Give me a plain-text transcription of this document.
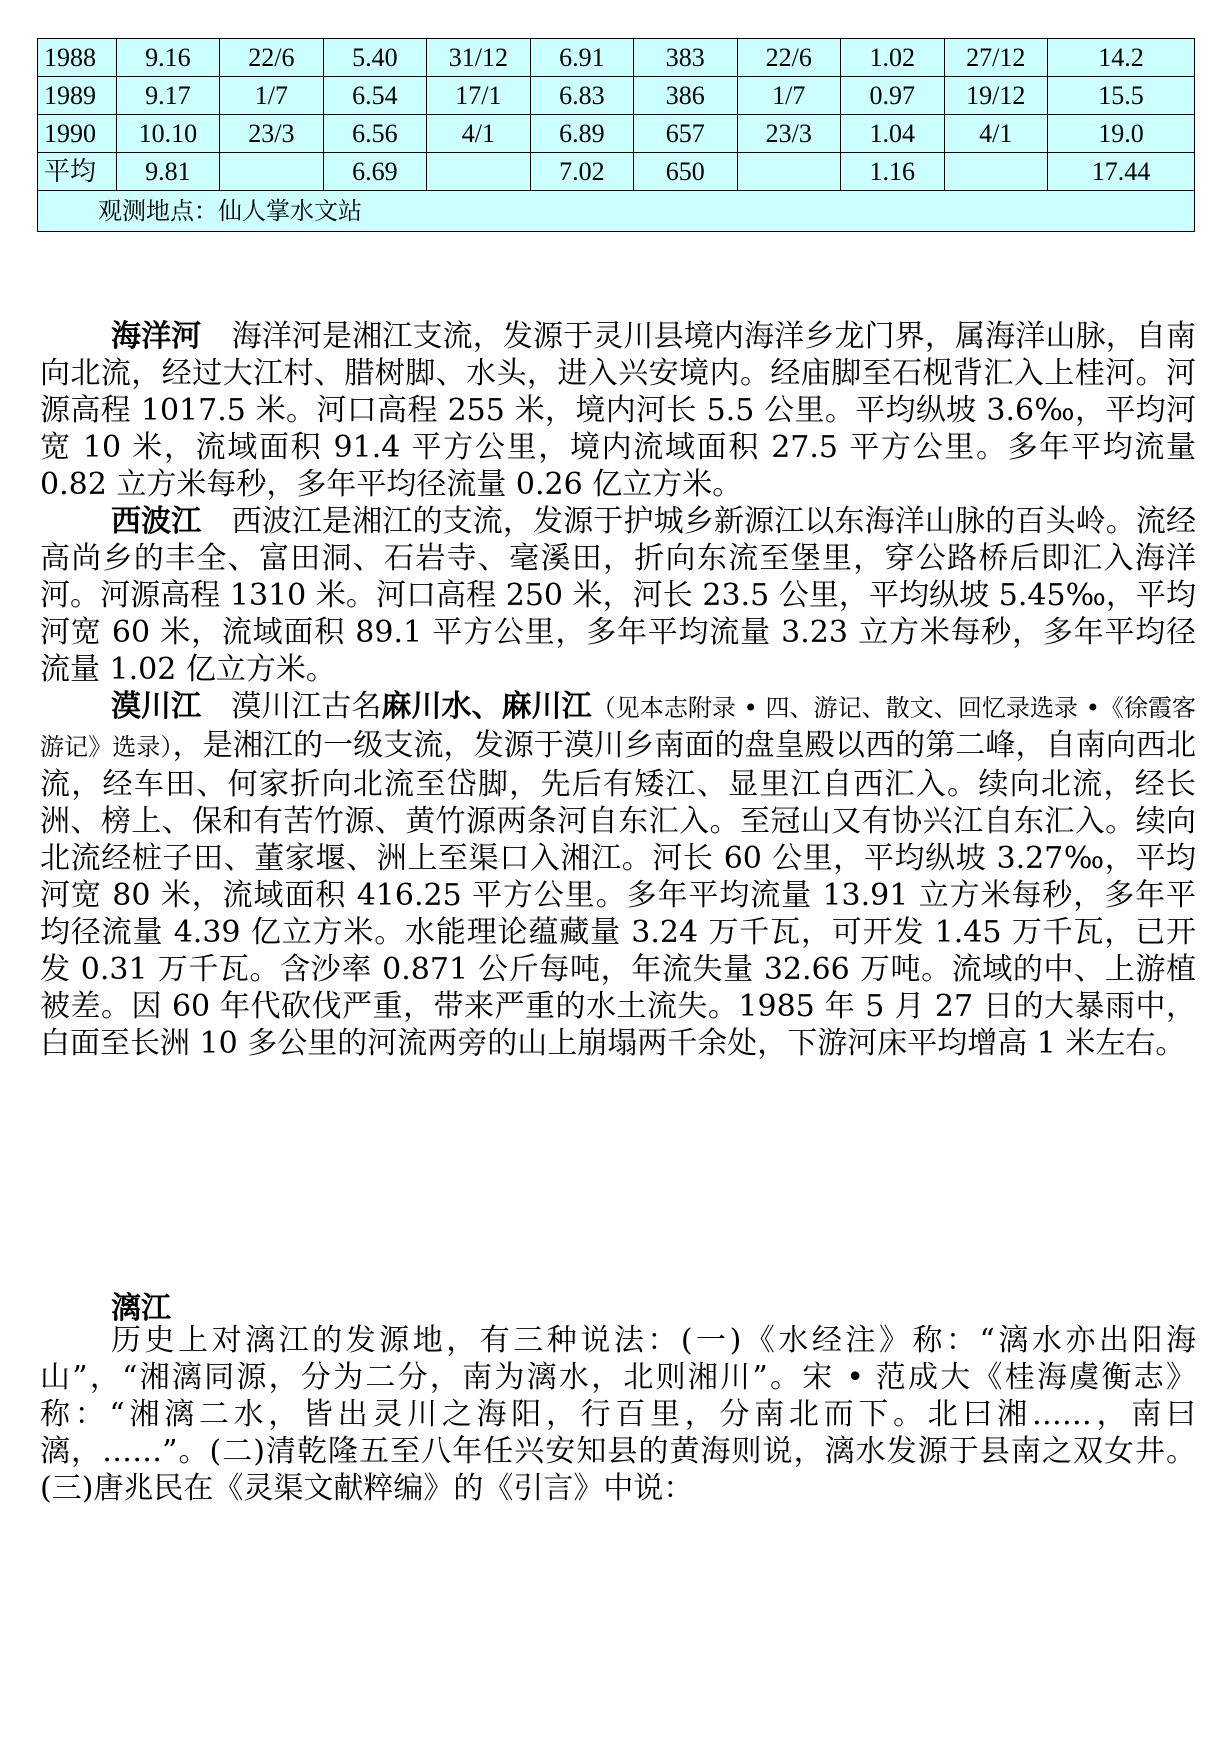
1988	9.16	22/6	5.40	31/12	6.91	383	22/6	1.02	27/12	14.2
1989	9.17	1/7	6.54	17/1	6.83	386	1/7	0.97	19/12	15.5
1990	10.10	23/3	6.56	4/1	6.89	657	23/3	1.04	4/1	19.0
平均	9.81		6.69		7.02	650		1.16		17.44
观测地点：仙人掌水文站										

海洋河　 海洋河是湘江支流，发源于灵川县境内海洋乡龙门界，属海洋山脉，自南向北流，经过大江村、腊树脚、水头，进入兴安境内。经庙脚至石枧背汇入上桂河。河源高程 1017.5 米。河口高程 255 米，境内河长 5.5 公里。平均纵坡 3.6‰，平均河宽 10 米，流域面积 91.4 平方公里，境内流域面积 27.5 平方公里。多年平均流量 0.82 立方米每秒，多年平均径流量 0.26 亿立方米。

西波江　 西波江是湘江的支流，发源于护城乡新源江以东海洋山脉的百头岭。流经高尚乡的丰全、富田洞、石岩寺、毫溪田，折向东流至堡里，穿公路桥后即汇入海洋河。河源高程 1310 米。河口高程 250 米，河长 23.5 公里，平均纵坡 5.45‰，平均河宽 60 米，流域面积 89.1 平方公里，多年平均流量 3.23 立方米每秒，多年平均径流量 1.02 亿立方米。

漠川江　 漠川江古名麻川水、麻川江（见本志附录 • 四、游记、散文、回忆录选录 •《徐霞客游记》选录），是湘江的一级支流，发源于漠川乡南面的盘皇殿以西的第二峰，自南向西北流，经车田、何家折向北流至岱脚，先后有矮江、显里江自西汇入。续向北流，经长洲、榜上、保和有苦竹源、黄竹源两条河自东汇入。至冠山又有协兴江自东汇入。续向北流经桩子田、董家堰、洲上至渠口入湘江。河长 60 公里，平均纵坡 3.27‰，平均河宽 80 米，流域面积 416.25 平方公里。多年平均流量 13.91 立方米每秒，多年平均径流量 4.39 亿立方米。水能理论蕴藏量 3.24 万千瓦，可开发 1.45 万千瓦，已开发 0.31 万千瓦。含沙率 0.871 公斤每吨，年流失量 32.66 万吨。流域的中、上游植被差。因 60 年代砍伐严重，带来严重的水土流失。1985 年 5 月 27 日的大暴雨中，白面至长洲 10 多公里的河流两旁的山上崩塌两千余处，下游河床平均增高 1 米左右。

漓江

历史上对漓江的发源地，有三种说法：(一)《水经注》称：“漓水亦出阳海山”，“湘漓同源，分为二分，南为漓水，北则湘川”。宋 • 范成大《桂海虞衡志》称：“湘漓二水，皆出灵川之海阳，行百里，分南北而下。北曰湘……，南曰漓，……”。(二)清乾隆五至八年任兴安知县的黄海则说，漓水发源于县南之双女井。(三)唐兆民在《灵渠文献粹编》的《引言》中说：
